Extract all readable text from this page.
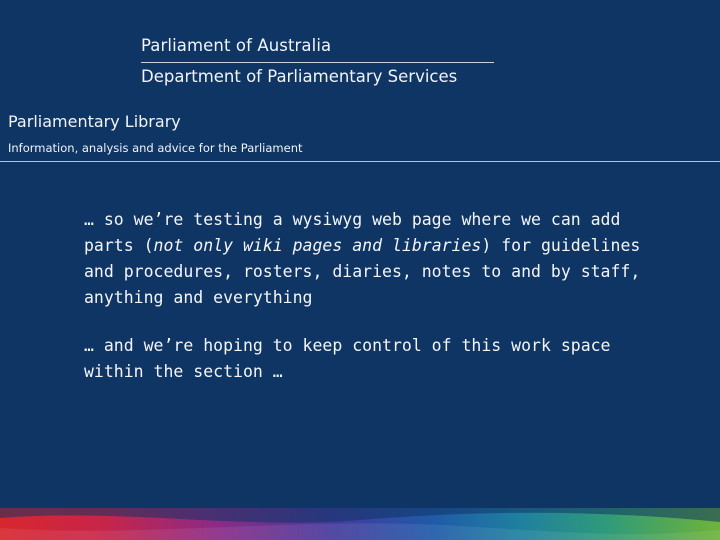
Parliament of Australia
Department of Parliamentary Services
Parliamentary Library
Information, analysis and advice for the Parliament

… so we’re testing a wysiwyg web page where we can add parts (not only wiki pages and libraries) for guidelines and procedures, rosters, diaries, notes to and by staff, anything and everything

… and we’re hoping to keep control of this work space within the section …
